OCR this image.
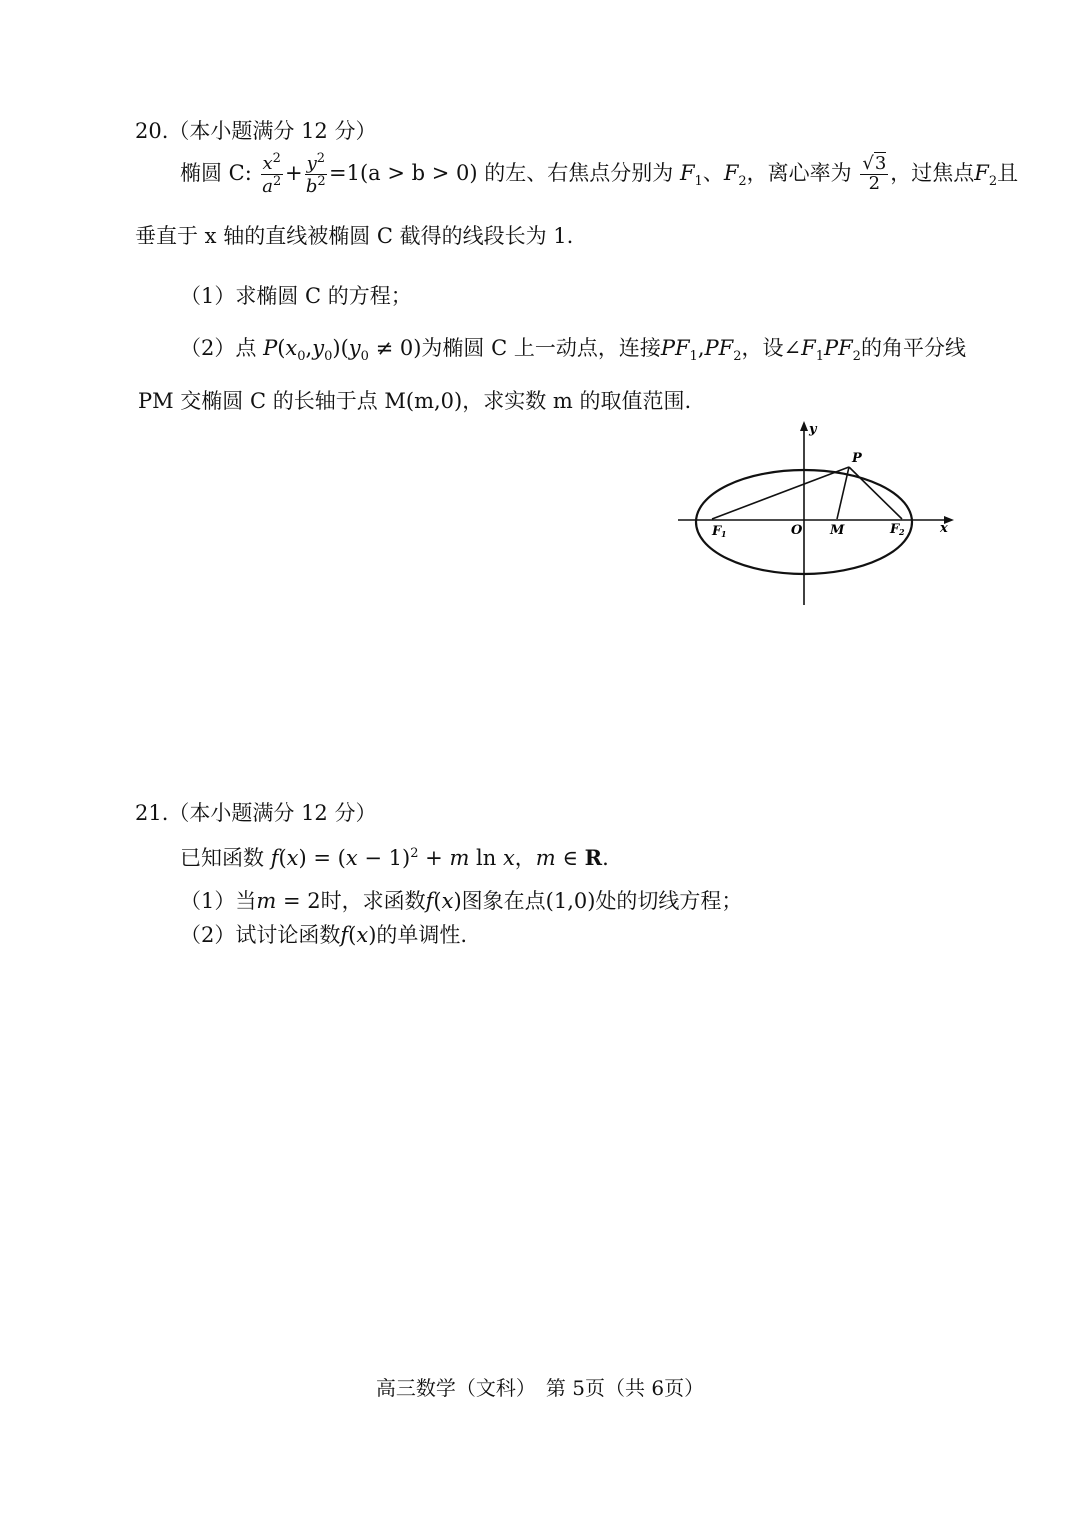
20.（本小题满分 12 分）
椭圆 C: $\frac{x^2}{a^2} + \frac{y^2}{b^2} =1(a > b > 0)$ 的左、右焦点分别为 $F_1$、$F_2$，离心率为 $\frac{√3}{2}$ ，过焦点$F_2$且
垂直于 x 轴的直线被椭圆 C 截得的线段长为 1.
（1）求椭圆 C 的方程；
（2）点 $P(x_0,y_0)(y_0 \ne 0)$为椭圆 C 上一动点，连接$PF_1,PF_2$，设$\angle F_1PF_2$的角平分线
PM 交椭圆 C 的长轴于点 M(m,0)，求实数 m 的取值范围.
y
x
P
O M
F 1	F 2
21.（本小题满分 12 分）
已知函数 $f(x) = (x - 1)^2 + m$ ln x，m ∈ R.
（1）当m = 2时，求函数f(x)图象在点(1,0)处的切线方程；
（2）试讨论函数f(x)的单调性.
高三数学（文科）　第 5页（共 6页）
